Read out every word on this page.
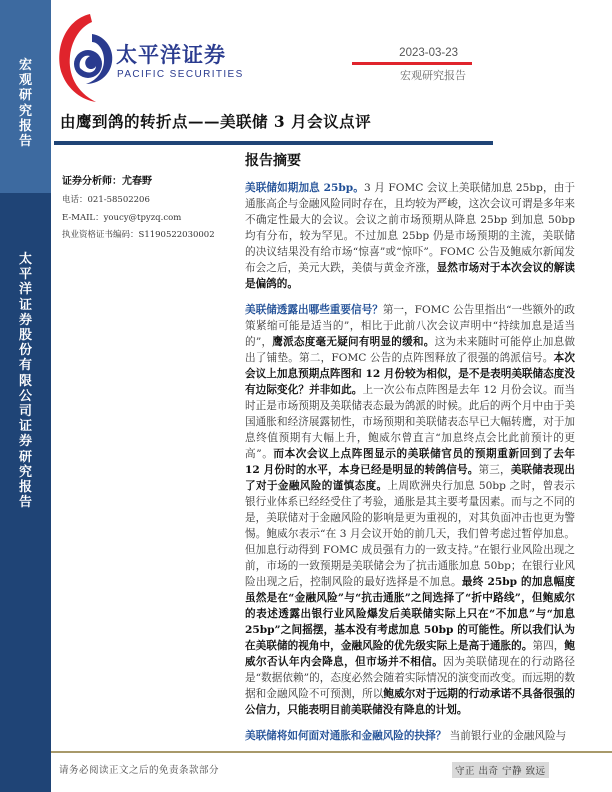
宏
观
研
究
报
告
太
平
洋
证
券
股
份
有
限
公
司
证
券
研
究
报
告
太平洋证券
PACIFIC SECURITIES
2023-03-23
宏观研究报告
由鹰到鸽的转折点——美联储 3 月会议点评
证券分析师：尤春野
电话：021-58502206
E-MAIL：youcy@tpyzq.com
执业资格证书编码：S1190522030002
报告摘要

美联储如期加息 25bp。3 月 FOMC 会议上美联储加息 25bp，由于通胀高企与金融风险同时存在，且均较为严峻，这次会议可谓是多年来不确定性最大的会议。会议之前市场预期从降息 25bp 到加息 50bp 均有分布，较为罕见。不过加息 25bp 仍是市场预期的主流，美联储的决议结果没有给市场“惊喜”或“惊吓”。FOMC 公告及鲍威尔新闻发布会之后，美元大跌，美债与黄金齐涨，显然市场对于本次会议的解读是偏鸽的。

美联储透露出哪些重要信号？第一，FOMC 公告里指出“一些额外的政策紧缩可能是适当的”，相比于此前八次会议声明中“持续加息是适当的”，鹰派态度毫无疑问有明显的缓和。这为未来随时可能停止加息做出了铺垫。第二，FOMC 公告的点阵图释放了很强的鸽派信号。本次会议上加息预期点阵图和 12 月份较为相似，是不是表明美联储态度没有边际变化？并非如此。上一次公布点阵图是去年 12 月份会议。而当时正是市场预期及美联储表态最为鸽派的时候。此后的两个月中由于美国通胀和经济展露韧性，市场预期和美联储表态早已大幅转鹰，对于加息终值预期有大幅上升，鲍威尔曾直言“加息终点会比此前预计的更高”。而本次会议上点阵图显示的美联储官员的预期重新回到了去年 12 月份时的水平，本身已经是明显的转鸽信号。第三，美联储表现出了对于金融风险的谨慎态度。上周欧洲央行加息 50bp 之时，曾表示银行业体系已经经受住了考验，通胀是其主要考量因素。而与之不同的是，美联储对于金融风险的影响是更为重视的，对其负面冲击也更为警惕。鲍威尔表示“在 3 月会议开始的前几天，我们曾考虑过暂停加息。但加息行动得到 FOMC 成员强有力的一致支持。”在银行业风险出现之前，市场的一致预期是美联储会为了抗击通胀加息 50bp；在银行业风险出现之后，控制风险的最好选择是不加息。最终 25bp 的加息幅度虽然是在“金融风险”与“抗击通胀”之间选择了“折中路线”，但鲍威尔的表述透露出银行业风险爆发后美联储实际上只在“不加息”与“加息 25bp”之间摇摆，基本没有考虑加息 50bp 的可能性。所以我们认为在美联储的视角中，金融风险的优先级实际上是高于通胀的。第四，鲍威尔否认年内会降息，但市场并不相信。因为美联储现在的行动路径是“数据依赖”的，态度必然会随着实际情况的演变而改变。而远期的数据和金融风险不可预测，所以鲍威尔对于远期的行动承诺不具备很强的公信力，只能表明目前美联储没有降息的计划。

美联储将如何面对通胀和金融风险的抉择？ 当前银行业的金融风险与

请务必阅读正文之后的免责条款部分	守正 出奇 宁静 致远
